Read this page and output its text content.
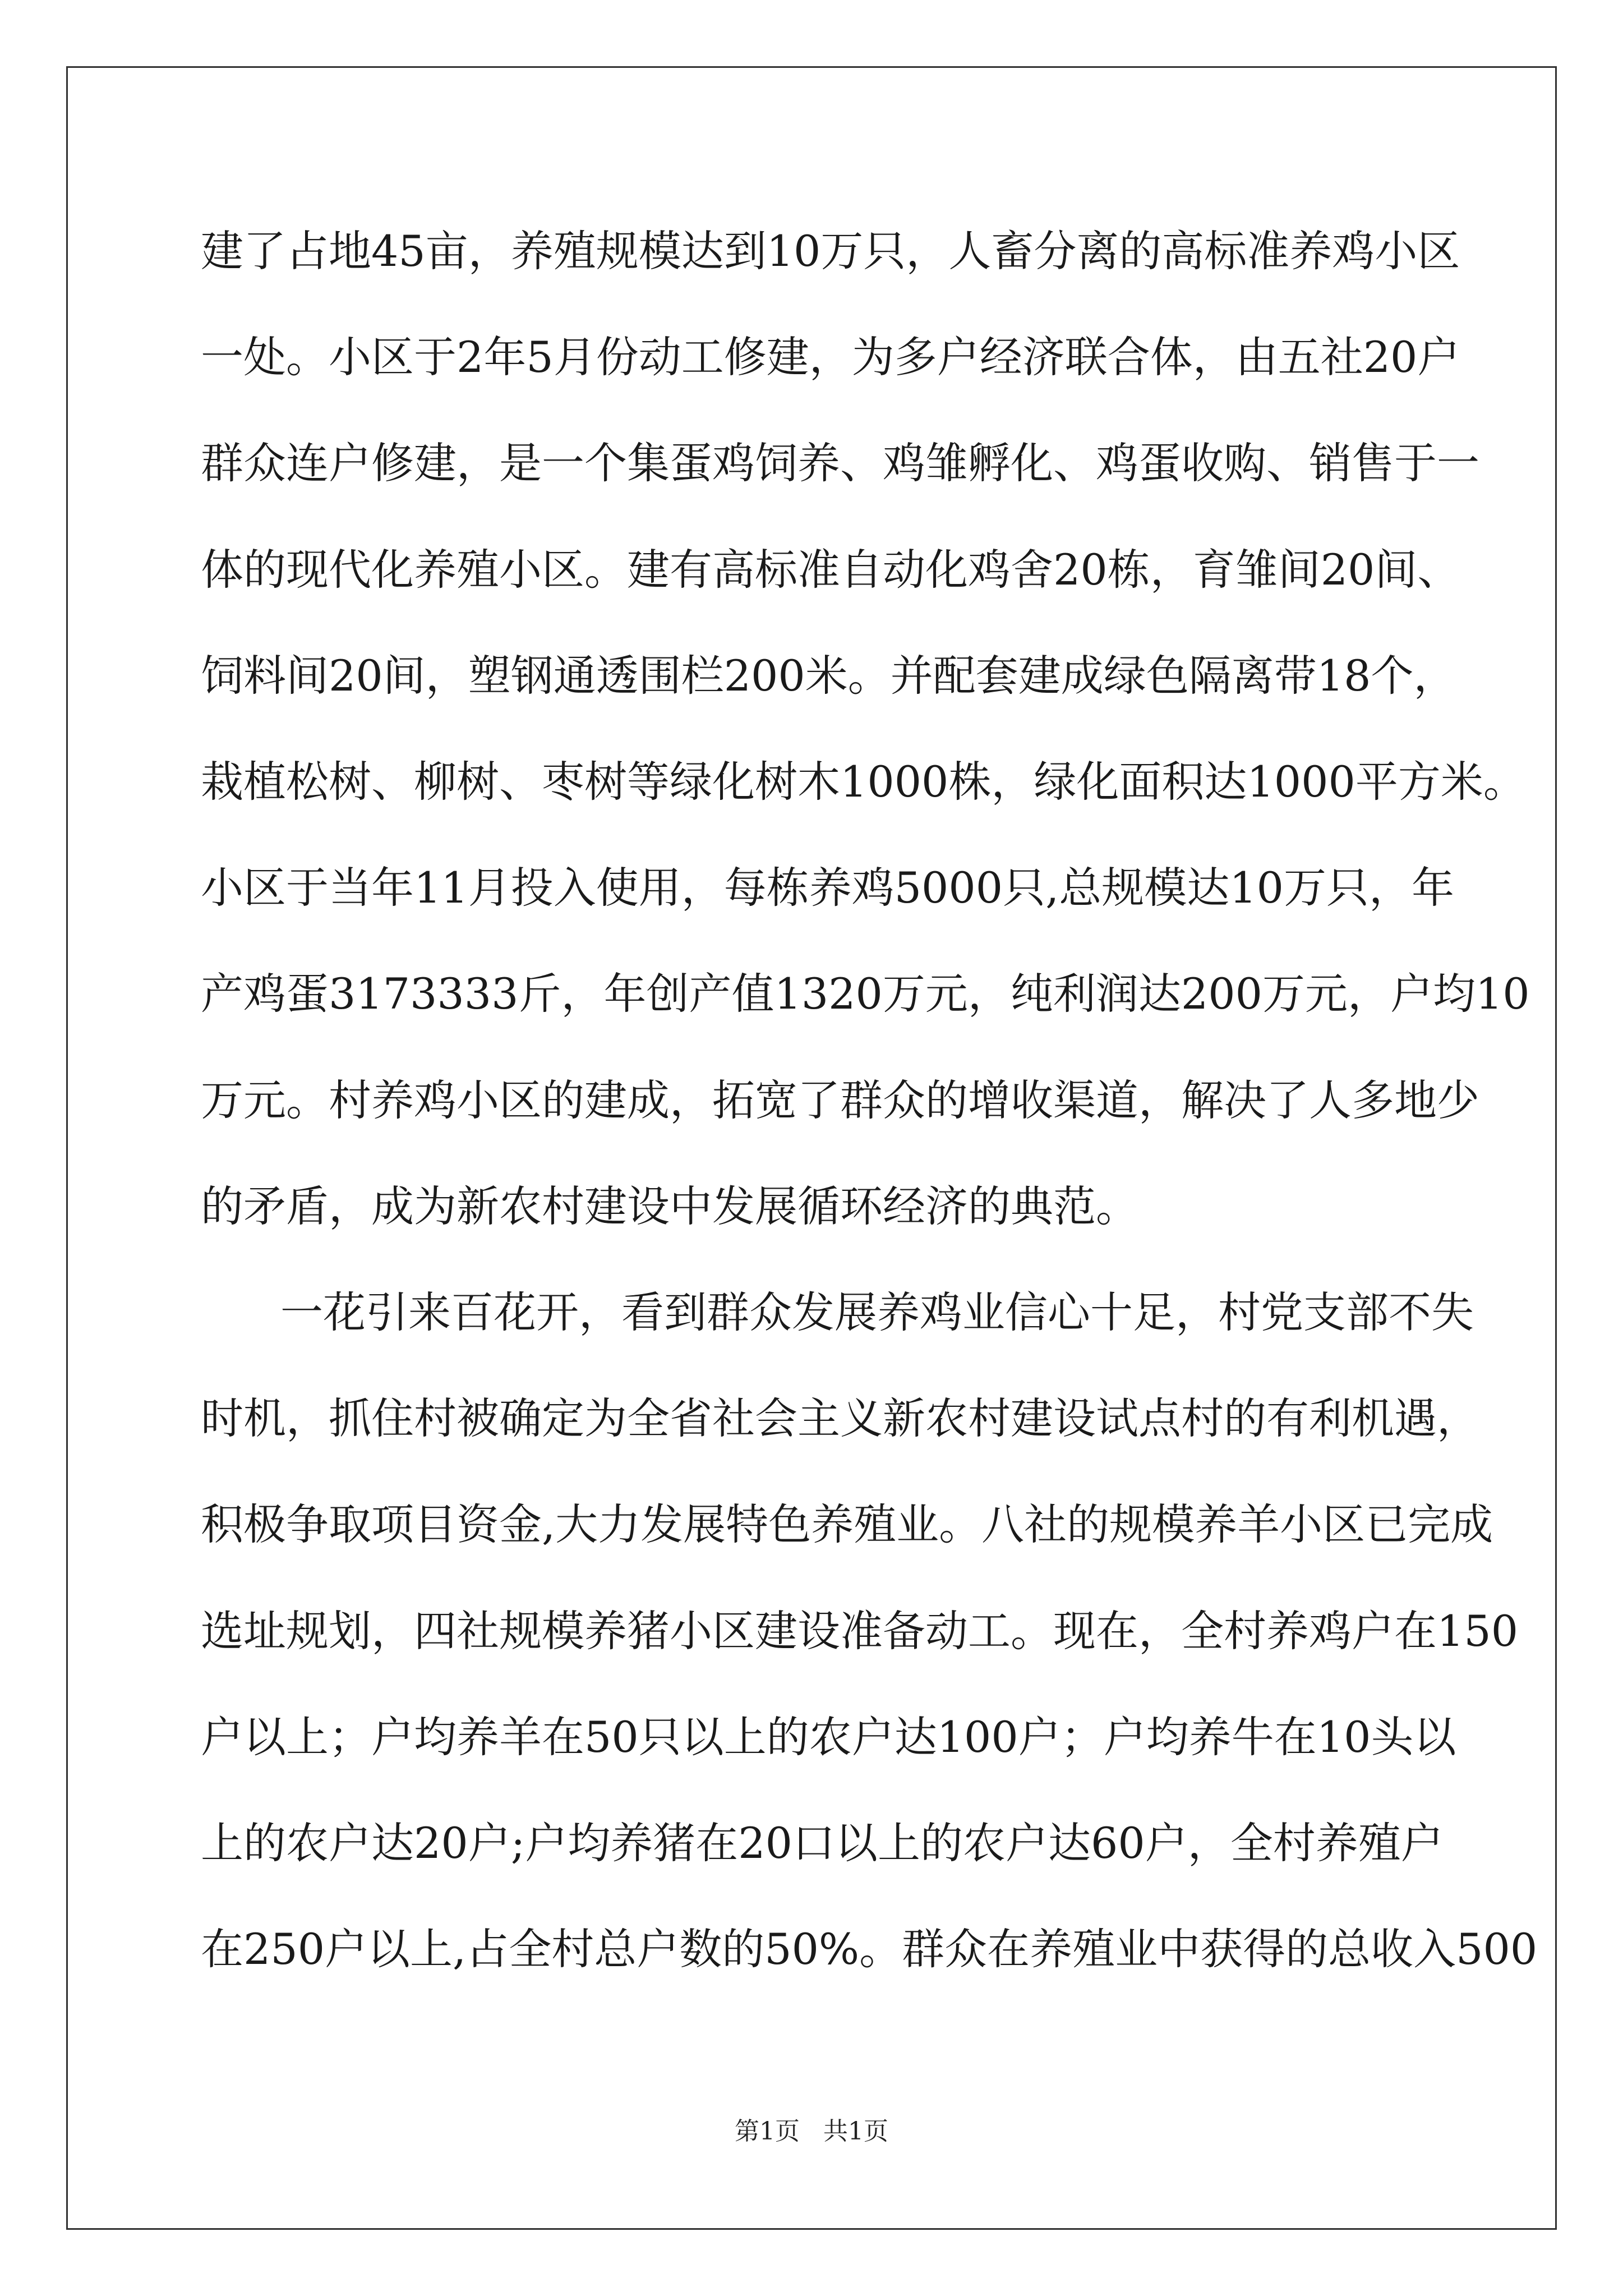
建了占地45亩，养殖规模达到10万只，人畜分离的高标准养鸡小区

一处。小区于2年5月份动工修建，为多户经济联合体，由五社20户

群众连户修建，是一个集蛋鸡饲养、鸡雏孵化、鸡蛋收购、销售于一

体的现代化养殖小区。建有高标准自动化鸡舍20栋，育雏间20间、

饲料间20间，塑钢通透围栏200米。并配套建成绿色隔离带18个，

栽植松树、柳树、枣树等绿化树木1000株，绿化面积达1000平方米。

小区于当年11月投入使用，每栋养鸡5000只,总规模达10万只，年

产鸡蛋3173333斤，年创产值1320万元，纯利润达200万元，户均10

万元。村养鸡小区的建成，拓宽了群众的增收渠道，解决了人多地少

的矛盾，成为新农村建设中发展循环经济的典范。

一花引来百花开，看到群众发展养鸡业信心十足，村党支部不失

时机，抓住村被确定为全省社会主义新农村建设试点村的有利机遇，

积极争取项目资金,大力发展特色养殖业。八社的规模养羊小区已完成

选址规划，四社规模养猪小区建设准备动工。现在，全村养鸡户在150

户以上；户均养羊在50只以上的农户达100户；户均养牛在10头以

上的农户达20户;户均养猪在20口以上的农户达60户，全村养殖户

在250户以上,占全村总户数的50%。群众在养殖业中获得的总收入500

第1页   共1页
